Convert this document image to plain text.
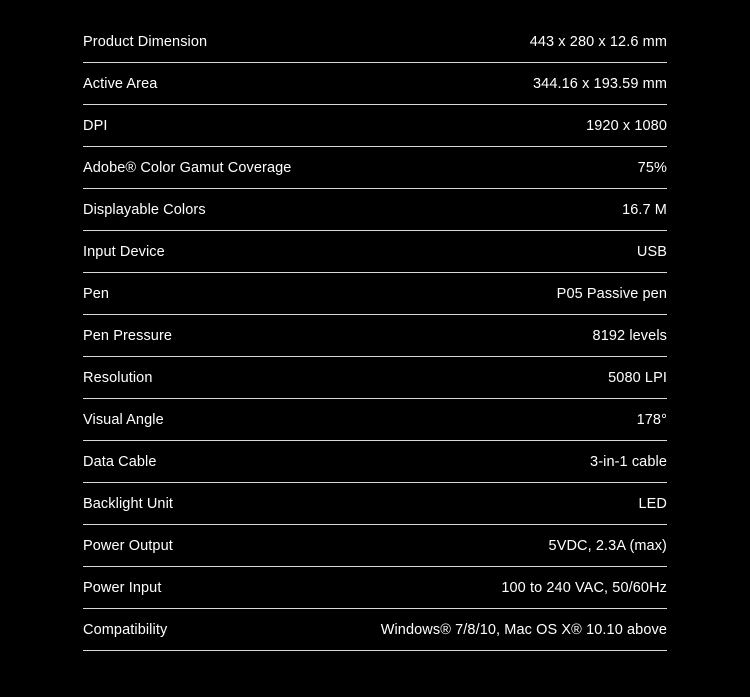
Product Dimension	443 x 280 x 12.6 mm
Active Area	344.16 x 193.59 mm
DPI	1920 x 1080
Adobe® Color Gamut Coverage	75%
Displayable Colors	16.7 M
Input Device	USB
Pen	P05 Passive pen
Pen Pressure	8192 levels
Resolution	5080 LPI
Visual Angle	178°
Data Cable	3-in-1 cable
Backlight Unit	LED
Power Output	5VDC, 2.3A (max)
Power Input	100 to 240 VAC, 50/60Hz
Compatibility	Windows® 7/8/10, Mac OS X® 10.10 above
